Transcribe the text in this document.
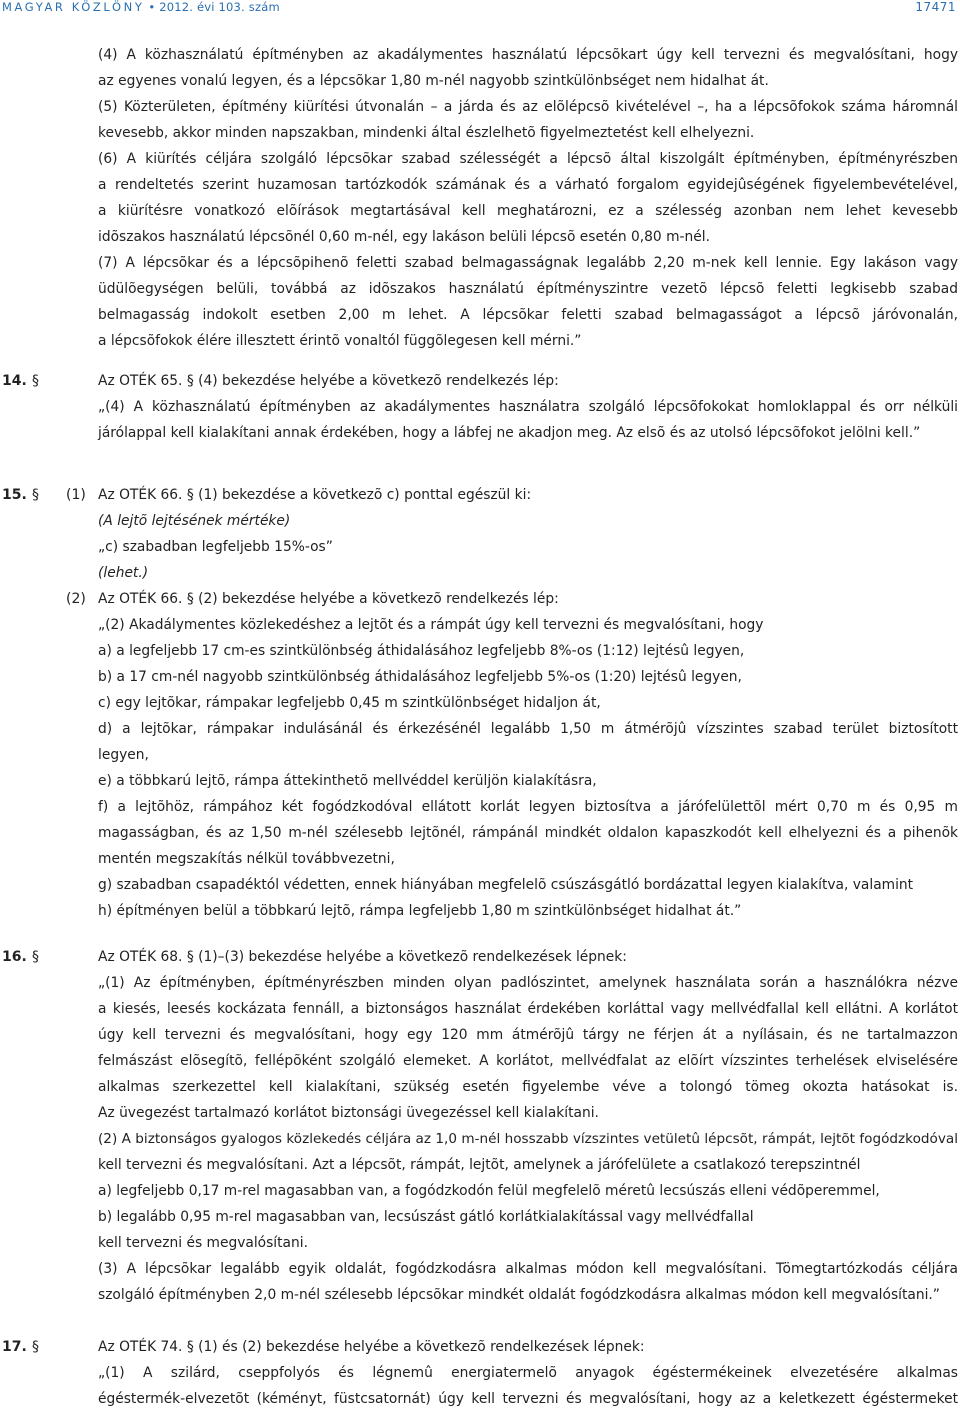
MAGYAR KÖZLÖNY • 2012. évi 103. szám	17471
(4) A közhasználatú építményben az akadálymentes használatú lépcsõkart úgy kell tervezni és megvalósítani, hogy
az egyenes vonalú legyen, és a lépcsõkar 1,80 m-nél nagyobb szintkülönbséget nem hidalhat át.
(5) Közterületen, építmény kiürítési útvonalán – a járda és az elõlépcsõ kivételével –, ha a lépcsõfokok száma háromnál
kevesebb, akkor minden napszakban, mindenki által észlelhetõ figyelmeztetést kell elhelyezni.
(6) A kiürítés céljára szolgáló lépcsõkar szabad szélességét a lépcsõ által kiszolgált építményben, építményrészben
a rendeltetés szerint huzamosan tartózkodók számának és a várható forgalom egyidejûségének figyelembevételével,
a kiürítésre vonatkozó elõírások megtartásával kell meghatározni, ez a szélesség azonban nem lehet kevesebb
idõszakos használatú lépcsõnél 0,60 m-nél, egy lakáson belüli lépcsõ esetén 0,80 m-nél.
(7) A lépcsõkar és a lépcsõpihenõ feletti szabad belmagasságnak legalább 2,20 m-nek kell lennie. Egy lakáson vagy
üdülõegységen belüli, továbbá az idõszakos használatú építményszintre vezetõ lépcsõ feletti legkisebb szabad
belmagasság indokolt esetben 2,00 m lehet. A lépcsõkar feletti szabad belmagasságot a lépcsõ járóvonalán,
a lépcsõfokok élére illesztett érintõ vonaltól függõlegesen kell mérni.”
14. §	Az OTÉK 65. § (4) bekezdése helyébe a következõ rendelkezés lép:
„(4) A közhasználatú építményben az akadálymentes használatra szolgáló lépcsõfokokat homloklappal és orr nélküli
járólappal kell kialakítani annak érdekében, hogy a lábfej ne akadjon meg. Az elsõ és az utolsó lépcsõfokot jelölni kell.”
15. § (1) Az OTÉK 66. § (1) bekezdése a következõ c) ponttal egészül ki:
(A lejtõ lejtésének mértéke)
„c) szabadban legfeljebb 15%-os”
(lehet.)
(2) Az OTÉK 66. § (2) bekezdése helyébe a következõ rendelkezés lép:
„(2) Akadálymentes közlekedéshez a lejtõt és a rámpát úgy kell tervezni és megvalósítani, hogy
a) a legfeljebb 17 cm-es szintkülönbség áthidalásához legfeljebb 8%-os (1:12) lejtésû legyen,
b) a 17 cm-nél nagyobb szintkülönbség áthidalásához legfeljebb 5%-os (1:20) lejtésû legyen,
c) egy lejtõkar, rámpakar legfeljebb 0,45 m szintkülönbséget hidaljon át,
d) a lejtõkar, rámpakar indulásánál és érkezésénél legalább 1,50 m átmérõjû vízszintes szabad terület biztosított
legyen,
e) a többkarú lejtõ, rámpa áttekinthetõ mellvéddel kerüljön kialakításra,
f) a lejtõhöz, rámpához két fogódzkodóval ellátott korlát legyen biztosítva a járófelülettõl mért 0,70 m és 0,95 m
magasságban, és az 1,50 m-nél szélesebb lejtõnél, rámpánál mindkét oldalon kapaszkodót kell elhelyezni és a pihenõk
mentén megszakítás nélkül továbbvezetni,
g) szabadban csapadéktól védetten, ennek hiányában megfelelõ csúszásgátló bordázattal legyen kialakítva, valamint
h) építményen belül a többkarú lejtõ, rámpa legfeljebb 1,80 m szintkülönbséget hidalhat át.”
16. §	Az OTÉK 68. § (1)–(3) bekezdése helyébe a következõ rendelkezések lépnek:
„(1) Az építményben, építményrészben minden olyan padlószintet, amelynek használata során a használókra nézve
a kiesés, leesés kockázata fennáll, a biztonságos használat érdekében korláttal vagy mellvédfallal kell ellátni. A korlátot
úgy kell tervezni és megvalósítani, hogy egy 120 mm átmérõjû tárgy ne férjen át a nyílásain, és ne tartalmazzon
felmászást elõsegítõ, fellépõként szolgáló elemeket. A korlátot, mellvédfalat az elõírt vízszintes terhelések elviselésére
alkalmas szerkezettel kell kialakítani, szükség esetén figyelembe véve a tolongó tömeg okozta hatásokat is.
Az üvegezést tartalmazó korlátot biztonsági üvegezéssel kell kialakítani.
(2) A biztonságos gyalogos közlekedés céljára az 1,0 m-nél hosszabb vízszintes vetületû lépcsõt, rámpát, lejtõt fogódzkodóval
kell tervezni és megvalósítani. Azt a lépcsõt, rámpát, lejtõt, amelynek a járófelülete a csatlakozó terepszintnél
a) legfeljebb 0,17 m-rel magasabban van, a fogódzkodón felül megfelelõ méretû lecsúszás elleni védõperemmel,
b) legalább 0,95 m-rel magasabban van, lecsúszást gátló korlátkialakítással vagy mellvédfallal
kell tervezni és megvalósítani.
(3) A lépcsõkar legalább egyik oldalát, fogódzkodásra alkalmas módon kell megvalósítani. Tömegtartózkodás céljára
szolgáló építményben 2,0 m-nél szélesebb lépcsõkar mindkét oldalát fogódzkodásra alkalmas módon kell megvalósítani.”
17. §	Az OTÉK 74. § (1) és (2) bekezdése helyébe a következõ rendelkezések lépnek:
„(1) A szilárd, cseppfolyós és légnemû energiatermelõ anyagok égéstermékeinek elvezetésére alkalmas
égéstermék-elvezetõt (kéményt, füstcsatornát) úgy kell tervezni és megvalósítani, hogy az a keletkezett égéstermeket
